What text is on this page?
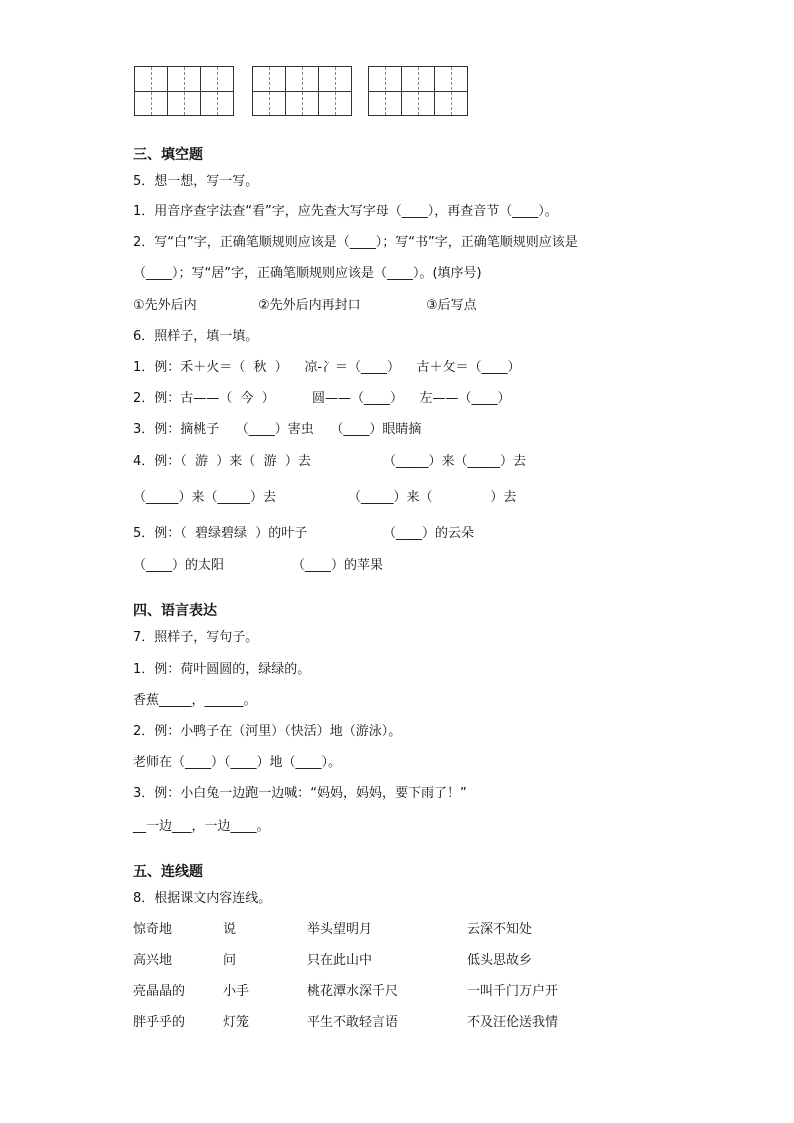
三、填空题
5．想一想，写一写。
1．用音序查字法查“看”字，应先查大写字母（____），再查音节（____）。
2．写“白”字，正确笔顺规则应该是（____）；写“书”字，正确笔顺规则应该是
（____）；写“居”字，正确笔顺规则应该是（____）。(填序号)
①先外后内	②先外后内再封口	③后写点
6．照样子，填一填。
1．例：禾＋火＝（  秋  ）    凉-冫＝（____）    古＋攵＝（____）
2．例：古——（  今  ）         圆——（____）    左——（____）
3．例：摘桃子    （____）害虫    （____）眼睛摘
4．例：（  游  ）来（  游  ）去	（_____）来（_____）去
（_____）来（_____）去	（_____）来（              ）去
5．例：（  碧绿碧绿  ）的叶子	（____）的云朵
（____）的太阳	（____）的苹果
四、语言表达
7．照样子，写句子。
1．例：荷叶圆圆的，绿绿的。
香蕉_____，______。
2．例：小鸭子在（河里）（快活）地（游泳）。
老师在（____）（____）地（____）。
3．例：小白兔一边跑一边喊：“妈妈，妈妈，要下雨了！”
__一边___，一边____。
五、连线题
8．根据课文内容连线。
惊奇地	说	举头望明月	云深不知处
高兴地	问	只在此山中	低头思故乡
亮晶晶的	小手	桃花潭水深千尺	一叫千门万户开
胖乎乎的	灯笼	平生不敢轻言语	不及汪伦送我情
